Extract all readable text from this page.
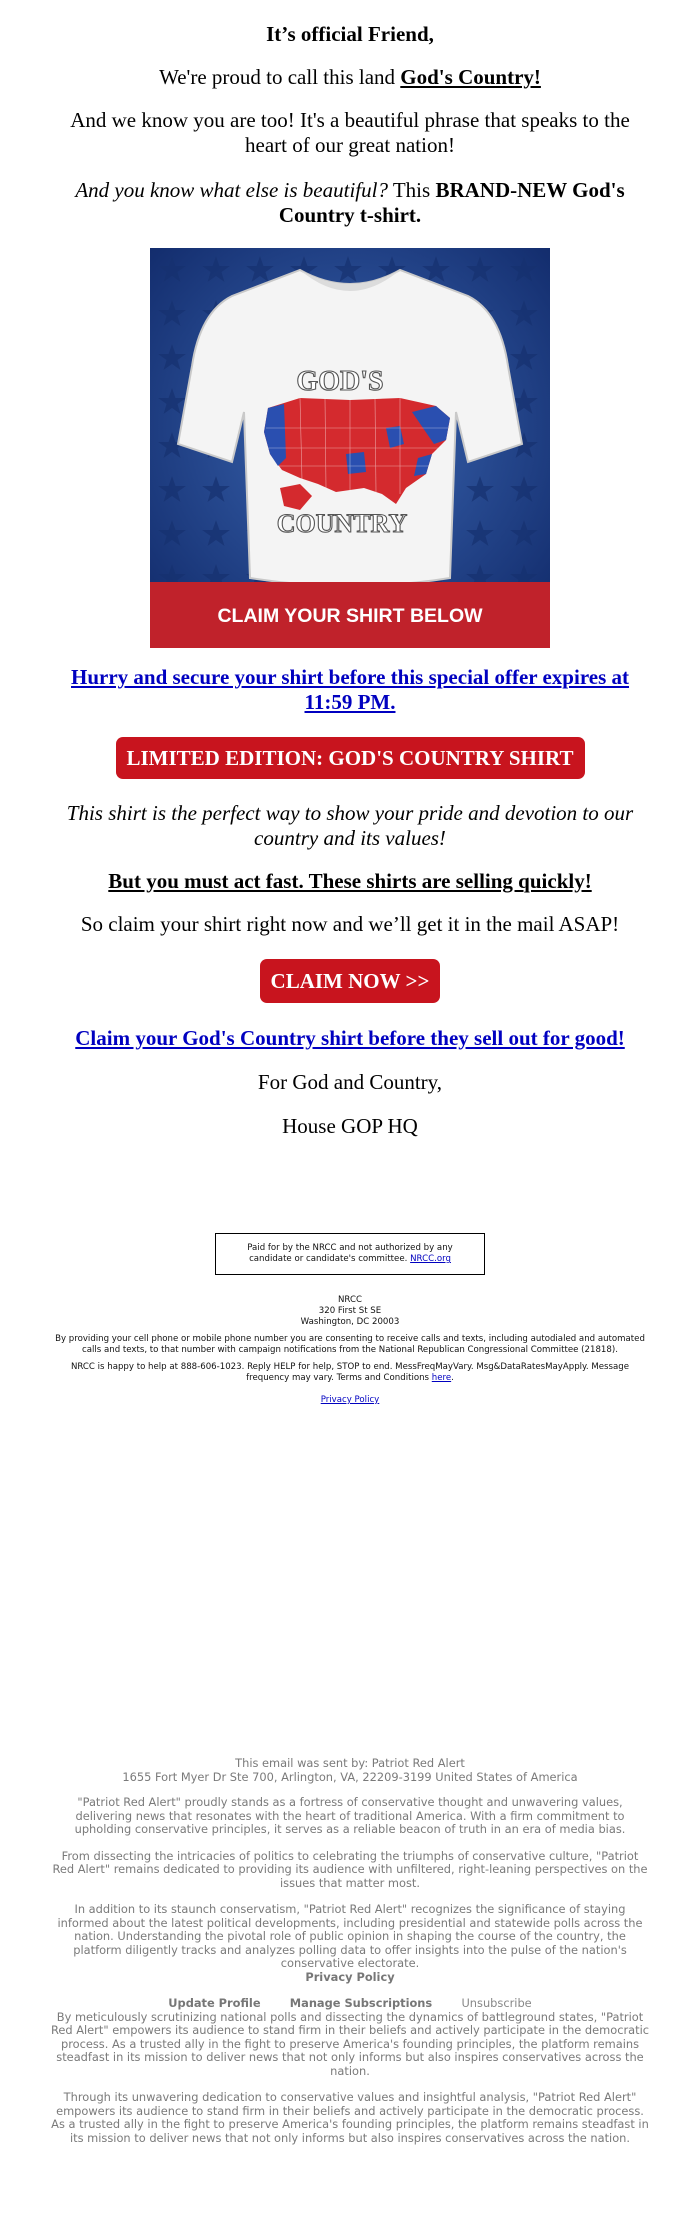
It’s official Friend,

We're proud to call this land God's Country!

And we know you are too! It's a beautiful phrase that speaks to the heart of our great nation!

And you know what else is beautiful? This BRAND-NEW God's Country t-shirt.

GOD'S
COUNTRY
CLAIM YOUR SHIRT BELOW

Hurry and secure your shirt before this special offer expires at 11:59 PM.

LIMITED EDITION: GOD'S COUNTRY SHIRT

This shirt is the perfect way to show your pride and devotion to our country and its values!

But you must act fast. These shirts are selling quickly!

So claim your shirt right now and we’ll get it in the mail ASAP!

CLAIM NOW >>

Claim your God's Country shirt before they sell out for good!

For God and Country,

House GOP HQ

Paid for by the NRCC and not authorized by any candidate or candidate's committee. NRCC.org
NRCC
320 First St SE
Washington, DC 20003
By providing your cell phone or mobile phone number you are consenting to receive calls and texts, including autodialed and automated calls and texts, to that number with campaign notifications from the National Republican Congressional Committee (21818).
NRCC is happy to help at 888-606-1023. Reply HELP for help, STOP to end. MessFreqMayVary. Msg&DataRatesMayApply. Message frequency may vary. Terms and Conditions here.
Privacy Policy
This email was sent by: Patriot Red Alert
1655 Fort Myer Dr Ste 700, Arlington, VA, 22209-3199 United States of America
"Patriot Red Alert" proudly stands as a fortress of conservative thought and unwavering values, delivering news that resonates with the heart of traditional America. With a firm commitment to upholding conservative principles, it serves as a reliable beacon of truth in an era of media bias.
From dissecting the intricacies of politics to celebrating the triumphs of conservative culture, "Patriot Red Alert" remains dedicated to providing its audience with unfiltered, right-leaning perspectives on the issues that matter most.
In addition to its staunch conservatism, "Patriot Red Alert" recognizes the significance of staying informed about the latest political developments, including presidential and statewide polls across the nation. Understanding the pivotal role of public opinion in shaping the course of the country, the platform diligently tracks and analyzes polling data to offer insights into the pulse of the nation's conservative electorate.
Privacy Policy
Update Profile	Manage Subscriptions	Unsubscribe
By meticulously scrutinizing national polls and dissecting the dynamics of battleground states, "Patriot Red Alert" empowers its audience to stand firm in their beliefs and actively participate in the democratic process. As a trusted ally in the fight to preserve America's founding principles, the platform remains steadfast in its mission to deliver news that not only informs but also inspires conservatives across the nation.
Through its unwavering dedication to conservative values and insightful analysis, "Patriot Red Alert" empowers its audience to stand firm in their beliefs and actively participate in the democratic process. As a trusted ally in the fight to preserve America's founding principles, the platform remains steadfast in its mission to deliver news that not only informs but also inspires conservatives across the nation.
